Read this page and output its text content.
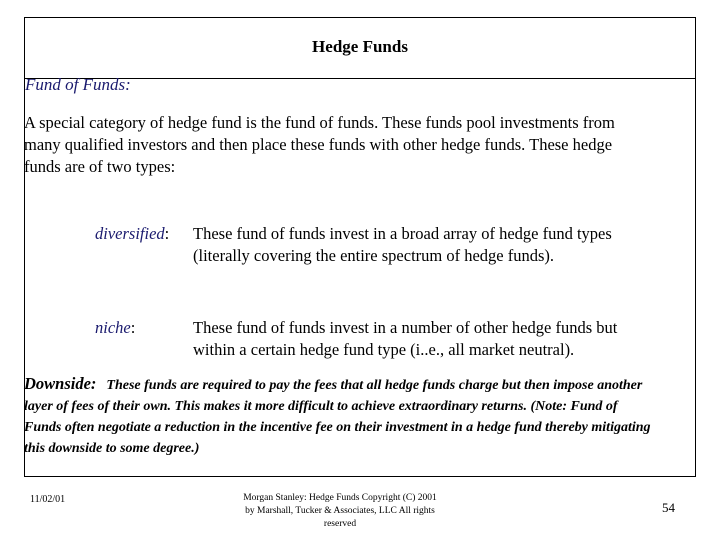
Hedge Funds
Fund of Funds:
A special category of hedge fund is the fund of funds. These funds pool investments from many qualified investors and then place these funds with other hedge funds. These hedge funds are of two types:
diversified: These fund of funds invest in a broad array of hedge fund types (literally covering the entire spectrum of hedge funds).
niche:	These fund of funds invest in a number of other hedge funds but within a certain hedge fund type (i..e., all market neutral).
Downside: These funds are required to pay the fees that all hedge funds charge but then impose another layer of fees of their own. This makes it more difficult to achieve extraordinary returns. (Note: Fund of Funds often negotiate a reduction in the incentive fee on their investment in a hedge fund thereby mitigating this downside to some degree.)
11/02/01	Morgan Stanley: Hedge Funds Copyright (C) 2001
by Marshall, Tucker & Associates, LLC All rights
reserved
54
